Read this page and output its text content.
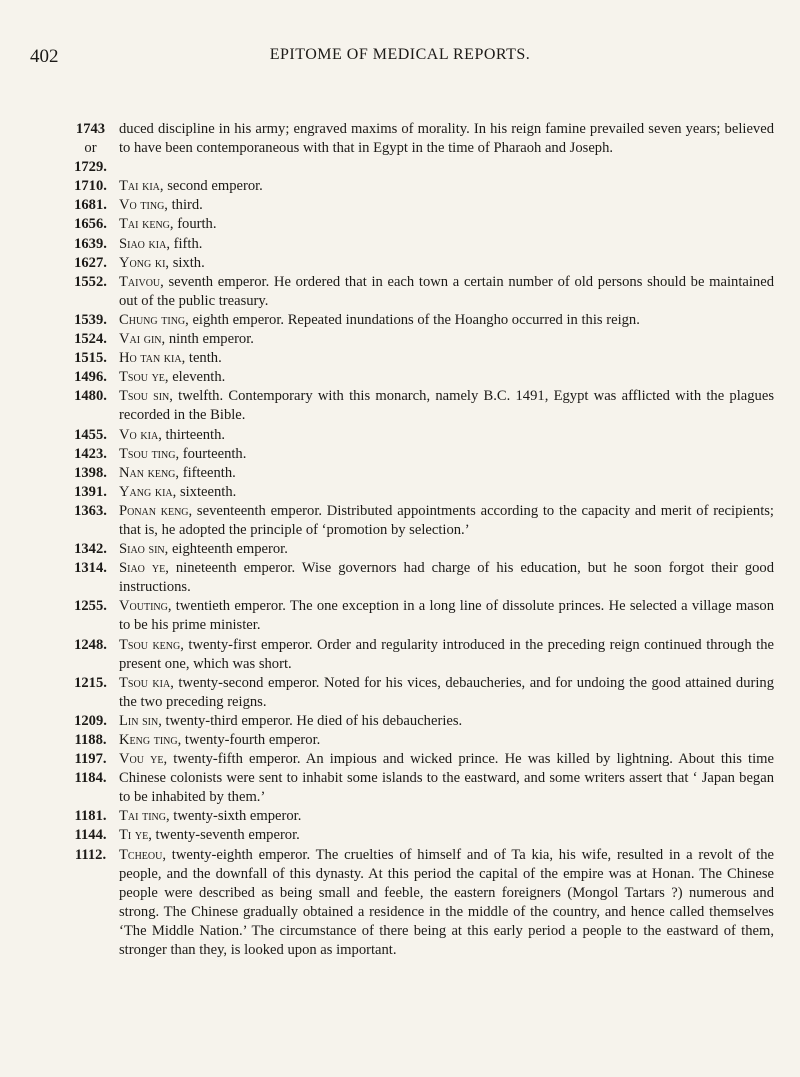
402	EPITOME OF MEDICAL REPORTS.
1743
or
1729.
duced discipline in his army; engraved maxims of morality. In his reign famine prevailed seven years; believed to have been contemporaneous with that in Egypt in the time of Pharaoh and Joseph.
1710. Tai kia, second emperor.
1681. Vo ting, third.
1656. Tai keng, fourth.
1639. Siao kia, fifth.
1627. Yong ki, sixth.
1552. Taivou, seventh emperor. He ordered that in each town a certain number of old persons should be maintained out of the public treasury.
1539. Chung ting, eighth emperor. Repeated inundations of the Hoangho occurred in this reign.
1524. Vai gin, ninth emperor.
1515. Ho tan kia, tenth.
1496. Tsou ye, eleventh.
1480. Tsou sin, twelfth. Contemporary with this monarch, namely B.C. 1491, Egypt was afflicted with the plagues recorded in the Bible.
1455. Vo kia, thirteenth.
1423. Tsou ting, fourteenth.
1398. Nan keng, fifteenth.
1391. Yang kia, sixteenth.
1363. Ponan keng, seventeenth emperor. Distributed appointments according to the capacity and merit of recipients; that is, he adopted the principle of ‘promotion by selection.’
1342. Siao sin, eighteenth emperor.
1314. Siao ye, nineteenth emperor. Wise governors had charge of his education, but he soon forgot their good instructions.
1255. Vouting, twentieth emperor. The one exception in a long line of dissolute princes. He selected a village mason to be his prime minister.
1248. Tsou keng, twenty-first emperor. Order and regularity introduced in the preceding reign continued through the present one, which was short.
1215. Tsou kia, twenty-second emperor. Noted for his vices, debaucheries, and for undoing the good attained during the two preceding reigns.
1209. Lin sin, twenty-third emperor. He died of his debaucheries.
1188. Keng ting, twenty-fourth emperor.
1197.
1184.
Vou ye, twenty-fifth emperor. An impious and wicked prince. He was killed by lightning. About this time Chinese colonists were sent to inhabit some islands to the eastward, and some writers assert that ‘ Japan began to be inhabited by them.’
1181. Tai ting, twenty-sixth emperor.
1144. Ti ye, twenty-seventh emperor.
1112. Tcheou, twenty-eighth emperor. The cruelties of himself and of Ta kia, his wife, resulted in a revolt of the people, and the downfall of this dynasty. At this period the capital of the empire was at Honan. The Chinese people were described as being small and feeble, the eastern foreigners (Mongol Tartars ?) numerous and strong. The Chinese gradually obtained a residence in the middle of the country, and hence called themselves ‘The Middle Nation.’ The circumstance of there being at this early period a people to the eastward of them, stronger than they, is looked upon as important.
